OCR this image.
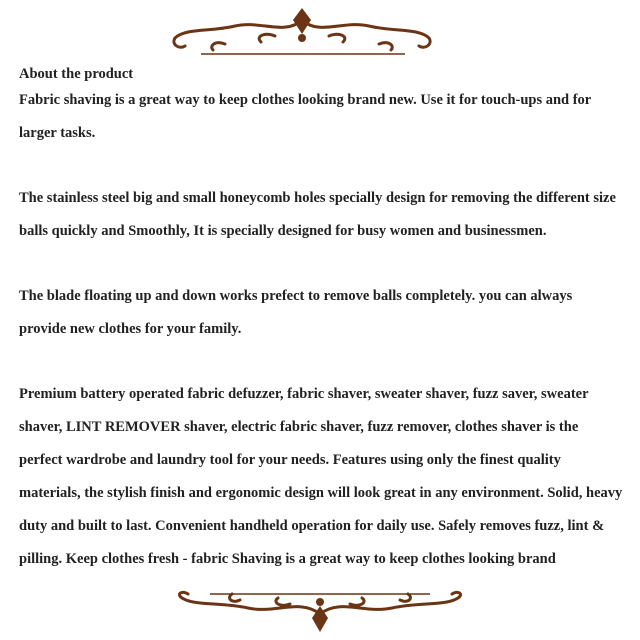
About the product
Fabric shaving is a great way to keep clothes looking brand new. Use it for touch-ups and for larger tasks.
The stainless steel big and small honeycomb holes specially design for removing the different size balls quickly and Smoothly, It is specially designed for busy women and businessmen.
The blade floating up and down works prefect to remove balls completely. you can always provide new clothes for your family.
Premium battery operated fabric defuzzer, fabric shaver, sweater shaver, fuzz saver, sweater shaver, LINT REMOVER shaver, electric fabric shaver, fuzz remover, clothes shaver is the perfect wardrobe and laundry tool for your needs. Features using only the finest quality materials, the stylish finish and ergonomic design will look great in any environment. Solid, heavy duty and built to last. Convenient handheld operation for daily use. Safely removes fuzz, lint & pilling. Keep clothes fresh - fabric Shaving is a great way to keep clothes looking brand
